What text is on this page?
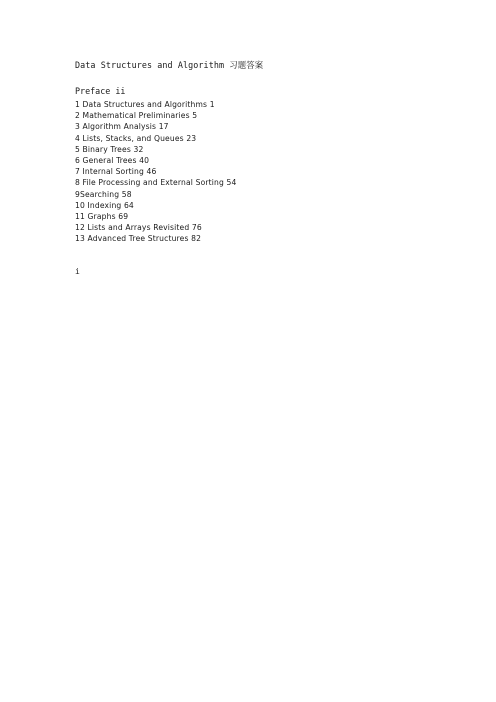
Data Structures and Algorithm 习题答案
Preface ii
1 Data Structures and Algorithms 1
2 Mathematical Preliminaries 5
3 Algorithm Analysis 17
4 Lists, Stacks, and Queues 23
5 Binary Trees 32
6 General Trees 40
7 Internal Sorting 46
8 File Processing and External Sorting 54
9Searching 58
10 Indexing 64
11 Graphs 69
12 Lists and Arrays Revisited 76
13 Advanced Tree Structures 82
i
